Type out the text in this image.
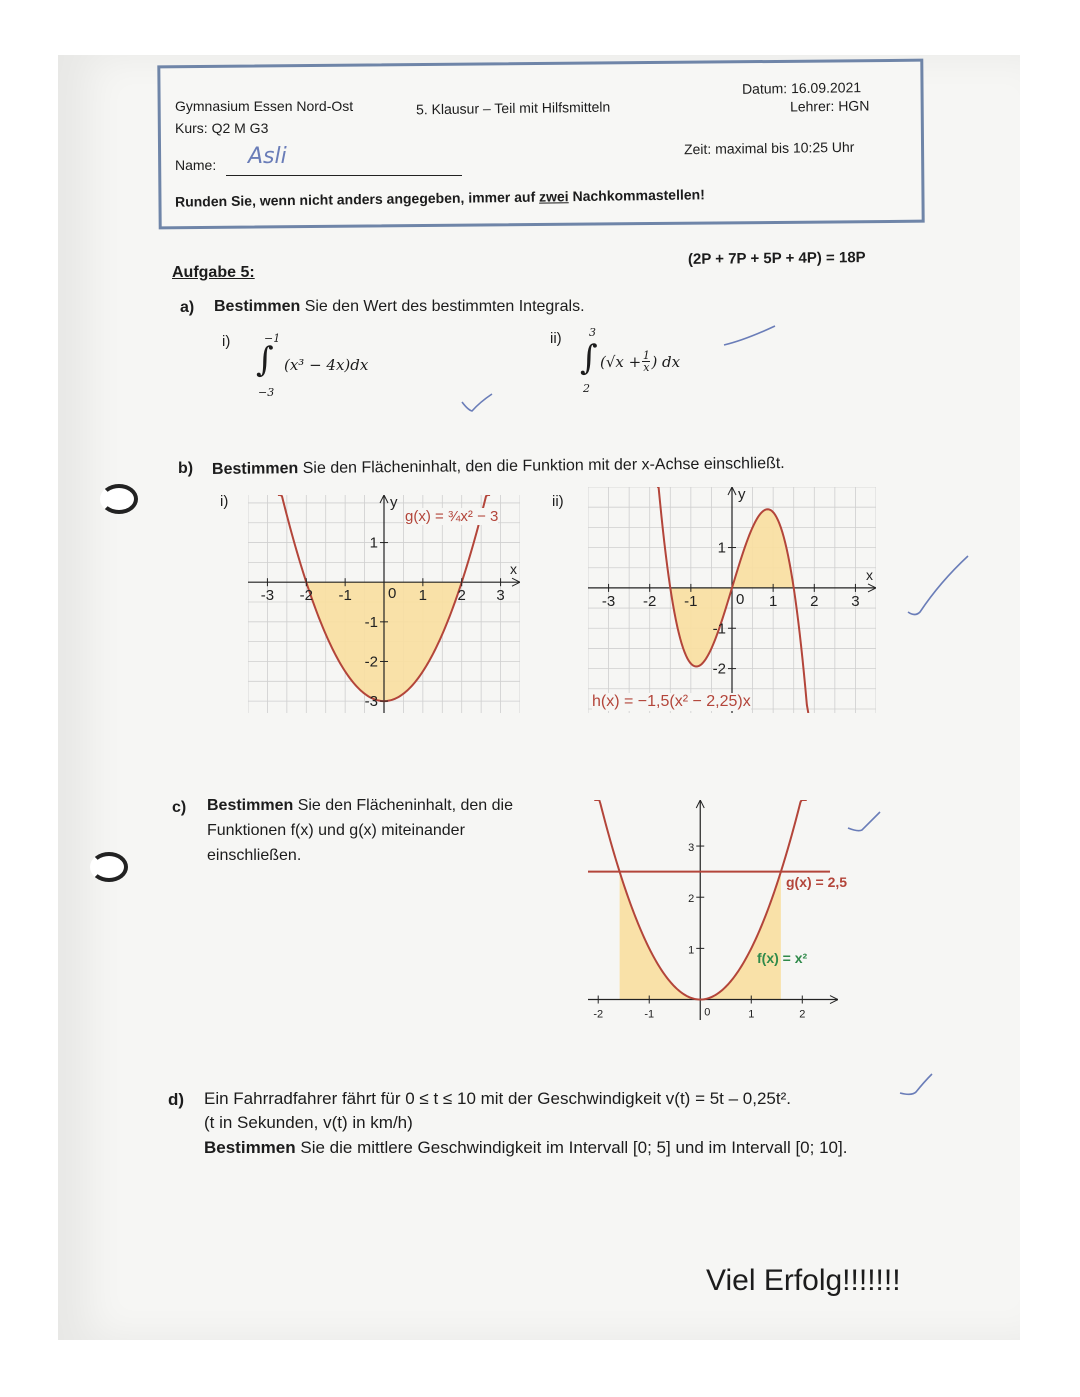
Gymnasium Essen Nord-Ost
Kurs: Q2 M G3
5. Klausur – Teil mit Hilfsmitteln
Datum: 16.09.2021
Lehrer: HGN
Name: Asli	Zeit: maximal bis 10:25 Uhr
Runden Sie, wenn nicht anders angegeben, immer auf zwei Nachkommastellen!
Aufgabe 5:
(2P + 7P + 5P + 4P) = 18P
a) Bestimmen Sie den Wert des bestimmten Integrals.
i) ∫
−1
−3
(x³ − 4x)dx
ii) ∫
3
2
($√x + \frac{1}{x}$ ) dx
b) Bestimmen Sie den Flächeninhalt, den die Funktion mit der x-Achse einschließt.
i)	ii)
-3 -2 -1	1 2 3
0
1
-1
-2
-3
x
y
-3 -2 -1	1 2 3
0
1
-1
-2
x
y
g(x) = ¾x² − 3
h(x) = −1,5(x² − 2,25)x
c) Bestimmen Sie den Flächeninhalt, den die
Funktionen f(x) und g(x) miteinander
einschließen.
-2	-1	1	2
0
1
2
3
g(x) = 2,5
f(x) = x²
d) Ein Fahrradfahrer fährt für 0 ≤ t ≤ 10 mit der Geschwindigkeit v(t) = 5t – 0,25t².
(t in Sekunden, v(t) in km/h)
Bestimmen Sie die mittlere Geschwindigkeit im Intervall [0; 5] und im Intervall [0; 10].
Viel Erfolg!!!!!!!
